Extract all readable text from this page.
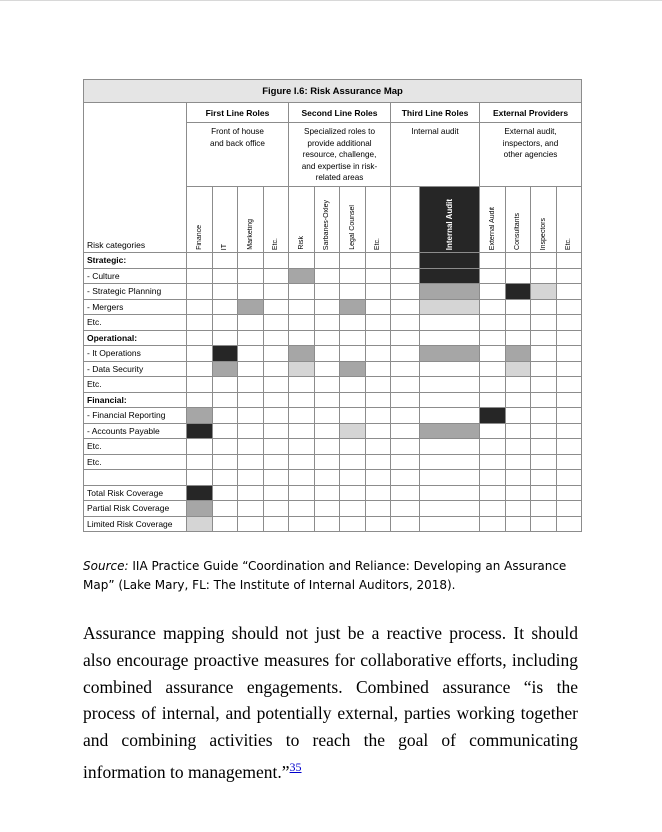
Figure I.6: Risk Assurance Map														
Risk categories	First Line Roles				Second Line Roles				Third Line Roles		External Providers			
	Front of house and back office				Specialized roles to provide additional resource, challenge, and expertise in risk-related areas				Internal audit		External audit, inspectors, and other agencies			
	Finance	IT	Marketing	Etc.	Risk	Sarbanes-Oxley	Legal Counsel	Etc.		Internal Audit	External Audit	Consultants	Inspectors	Etc.
Strategic:														
- Culture														
- Strategic Planning														
- Mergers														
Etc.														
Operational:														
- It Operations														
- Data Security														
Etc.														
Financial:														
- Financial Reporting														
- Accounts Payable														
Etc.														
Etc.														

Total Risk Coverage														
Partial Risk Coverage														
Limited Risk Coverage														
Source: IIA Practice Guide “Coordination and Reliance: Developing an Assurance Map” (Lake Mary, FL: The Institute of Internal Auditors, 2018).
Assurance mapping should not just be a reactive process. It should also encourage proactive measures for collaborative efforts, including combined assurance engagements. Combined assurance “is the process of internal, and potentially external, parties working together and combining activities to reach the goal of communicating information to management.”$^{35}$
